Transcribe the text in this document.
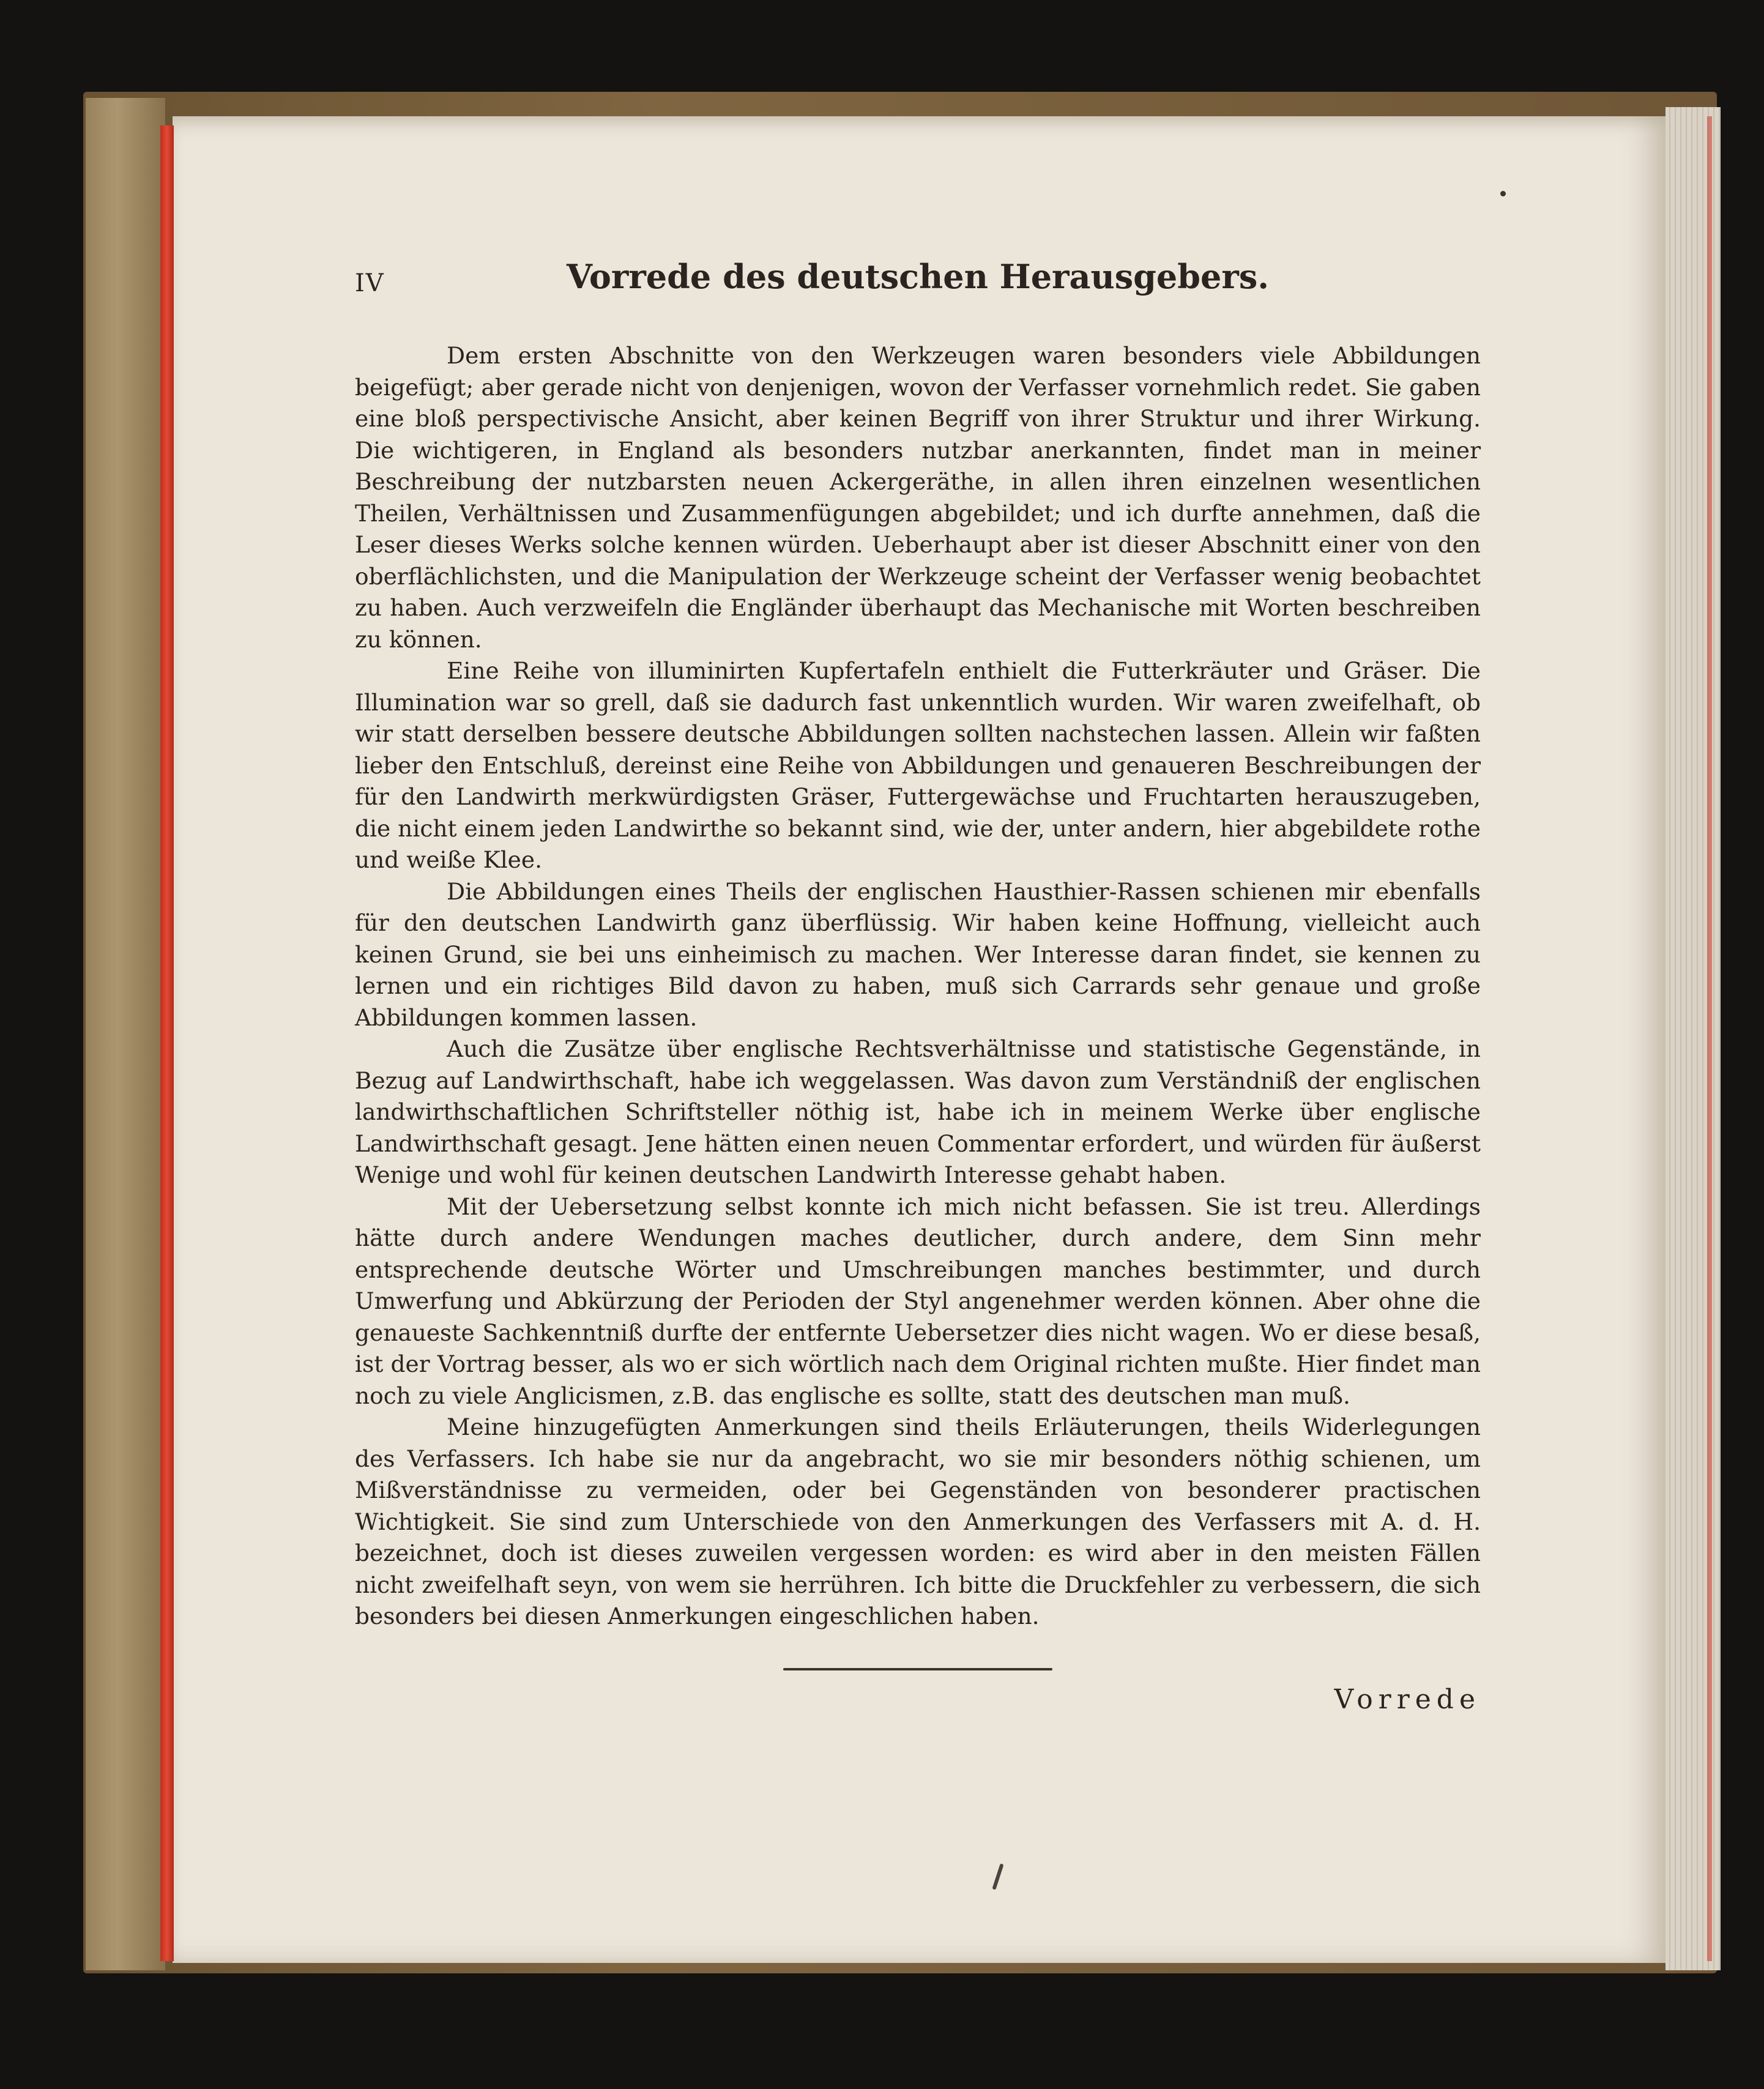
IV	Vorrede des deutschen Herausgebers.

Dem ersten Abschnitte von den Werkzeugen waren besonders viele Abbildungen beigefügt; aber gerade nicht von denjenigen, wovon der Verfasser vornehmlich redet. Sie gaben eine bloß perspectivische Ansicht, aber keinen Begriff von ihrer Struktur und ihrer Wirkung. Die wichtigeren, in England als besonders nutzbar anerkannten, findet man in meiner Beschreibung der nutzbarsten neuen Ackergeräthe, in allen ihren einzelnen wesentlichen Theilen, Verhältnissen und Zusammenfügungen abgebildet; und ich durfte annehmen, daß die Leser dieses Werks solche kennen würden. Ueberhaupt aber ist dieser Abschnitt einer von den oberflächlichsten, und die Manipulation der Werkzeuge scheint der Verfasser wenig beobachtet zu haben. Auch verzweifeln die Engländer überhaupt das Mechanische mit Worten beschreiben zu können.

Eine Reihe von illuminirten Kupfertafeln enthielt die Futterkräuter und Gräser. Die Illumination war so grell, daß sie dadurch fast unkenntlich wurden. Wir waren zweifelhaft, ob wir statt derselben bessere deutsche Abbildungen sollten nachstechen lassen. Allein wir faßten lieber den Entschluß, dereinst eine Reihe von Abbildungen und genaueren Beschreibungen der für den Landwirth merkwürdigsten Gräser, Futtergewächse und Fruchtarten herauszugeben, die nicht einem jeden Landwirthe so bekannt sind, wie der, unter andern, hier abgebildete rothe und weiße Klee.

Die Abbildungen eines Theils der englischen Hausthier-Rassen schienen mir ebenfalls für den deutschen Landwirth ganz überflüssig. Wir haben keine Hoffnung, vielleicht auch keinen Grund, sie bei uns einheimisch zu machen. Wer Interesse daran findet, sie kennen zu lernen und ein richtiges Bild davon zu haben, muß sich Carrards sehr genaue und große Abbildungen kommen lassen.

Auch die Zusätze über englische Rechtsverhältnisse und statistische Gegenstände, in Bezug auf Landwirthschaft, habe ich weggelassen. Was davon zum Verständniß der englischen landwirthschaftlichen Schriftsteller nöthig ist, habe ich in meinem Werke über englische Landwirthschaft gesagt. Jene hätten einen neuen Commentar erfordert, und würden für äußerst Wenige und wohl für keinen deutschen Landwirth Interesse gehabt haben.

Mit der Uebersetzung selbst konnte ich mich nicht befassen. Sie ist treu. Allerdings hätte durch andere Wendungen maches deutlicher, durch andere, dem Sinn mehr entsprechende deutsche Wörter und Umschreibungen manches bestimmter, und durch Umwerfung und Abkürzung der Perioden der Styl angenehmer werden können. Aber ohne die genaueste Sachkenntniß durfte der entfernte Uebersetzer dies nicht wagen. Wo er diese besaß, ist der Vortrag besser, als wo er sich wörtlich nach dem Original richten mußte. Hier findet man noch zu viele Anglicismen, z.B. das englische es sollte, statt des deutschen man muß.

Meine hinzugefügten Anmerkungen sind theils Erläuterungen, theils Widerlegungen des Verfassers. Ich habe sie nur da angebracht, wo sie mir besonders nöthig schienen, um Mißverständnisse zu vermeiden, oder bei Gegenständen von besonderer practischen Wichtigkeit. Sie sind zum Unterschiede von den Anmerkungen des Verfassers mit A. d. H. bezeichnet, doch ist dieses zuweilen vergessen worden: es wird aber in den meisten Fällen nicht zweifelhaft seyn, von wem sie herrühren. Ich bitte die Druckfehler zu verbessern, die sich besonders bei diesen Anmerkungen eingeschlichen haben.

Vorrede
